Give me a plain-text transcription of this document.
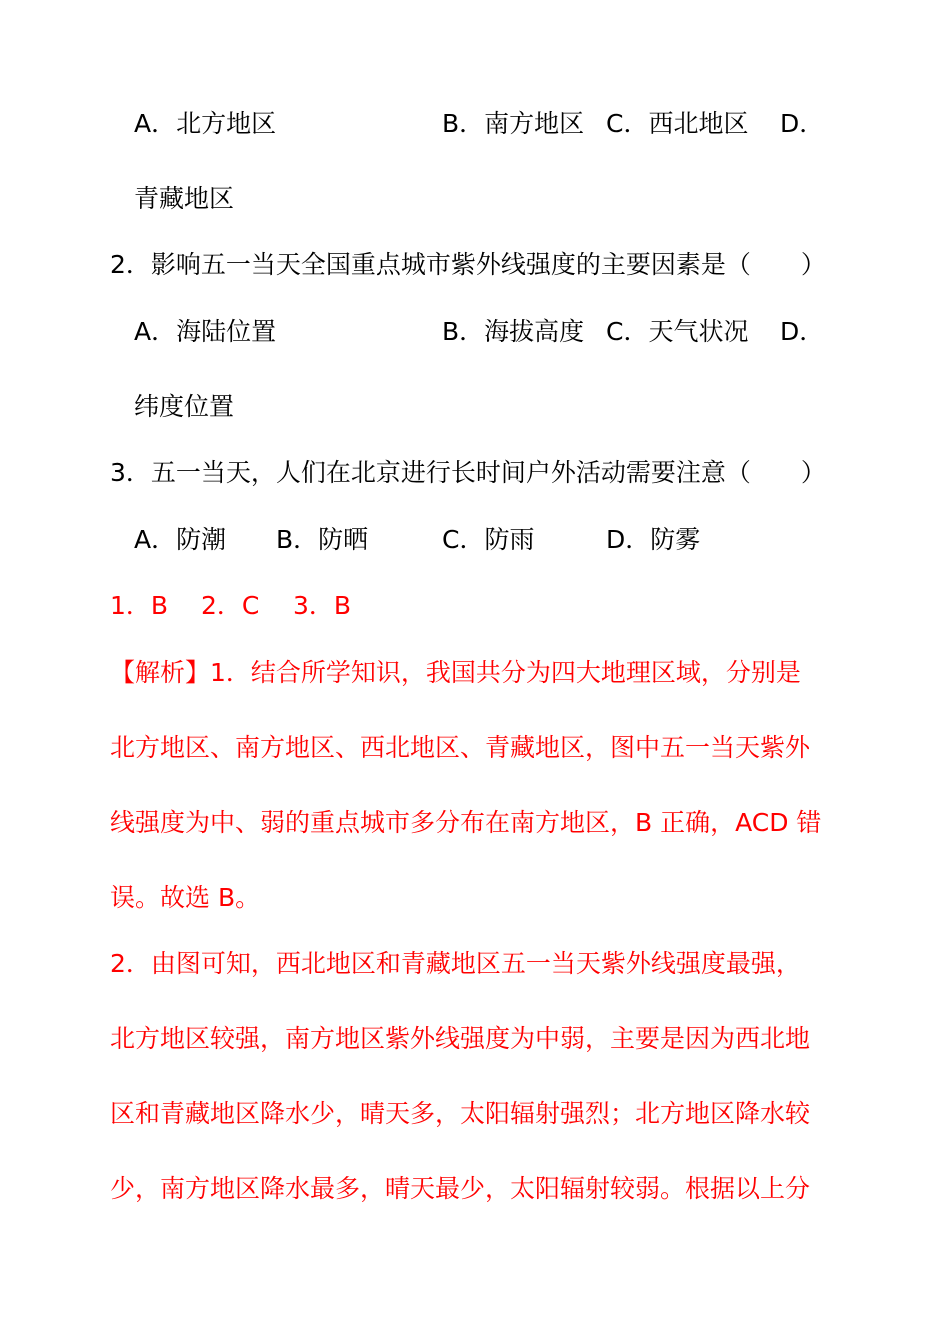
A．北方地区	B．南方地区 C．西北地区 D．
青藏地区
2．影响五一当天全国重点城市紫外线强度的主要因素是（　　）
A．海陆位置	B．海拔高度 C．天气状况 D．
纬度位置
3．五一当天，人们在北京进行长时间户外活动需要注意（　　）
A．防潮 B．防晒	C．防雨	D．防雾
1．B 2．C 3．B
【解析】1．结合所学知识，我国共分为四大地理区域，分别是
北方地区、南方地区、西北地区、青藏地区，图中五一当天紫外
线强度为中、弱的重点城市多分布在南方地区，B 正确，ACD 错
误。故选 B。
2．由图可知，西北地区和青藏地区五一当天紫外线强度最强，
北方地区较强，南方地区紫外线强度为中弱，主要是因为西北地
区和青藏地区降水少，晴天多，太阳辐射强烈；北方地区降水较
少，南方地区降水最多，晴天最少，太阳辐射较弱。根据以上分
